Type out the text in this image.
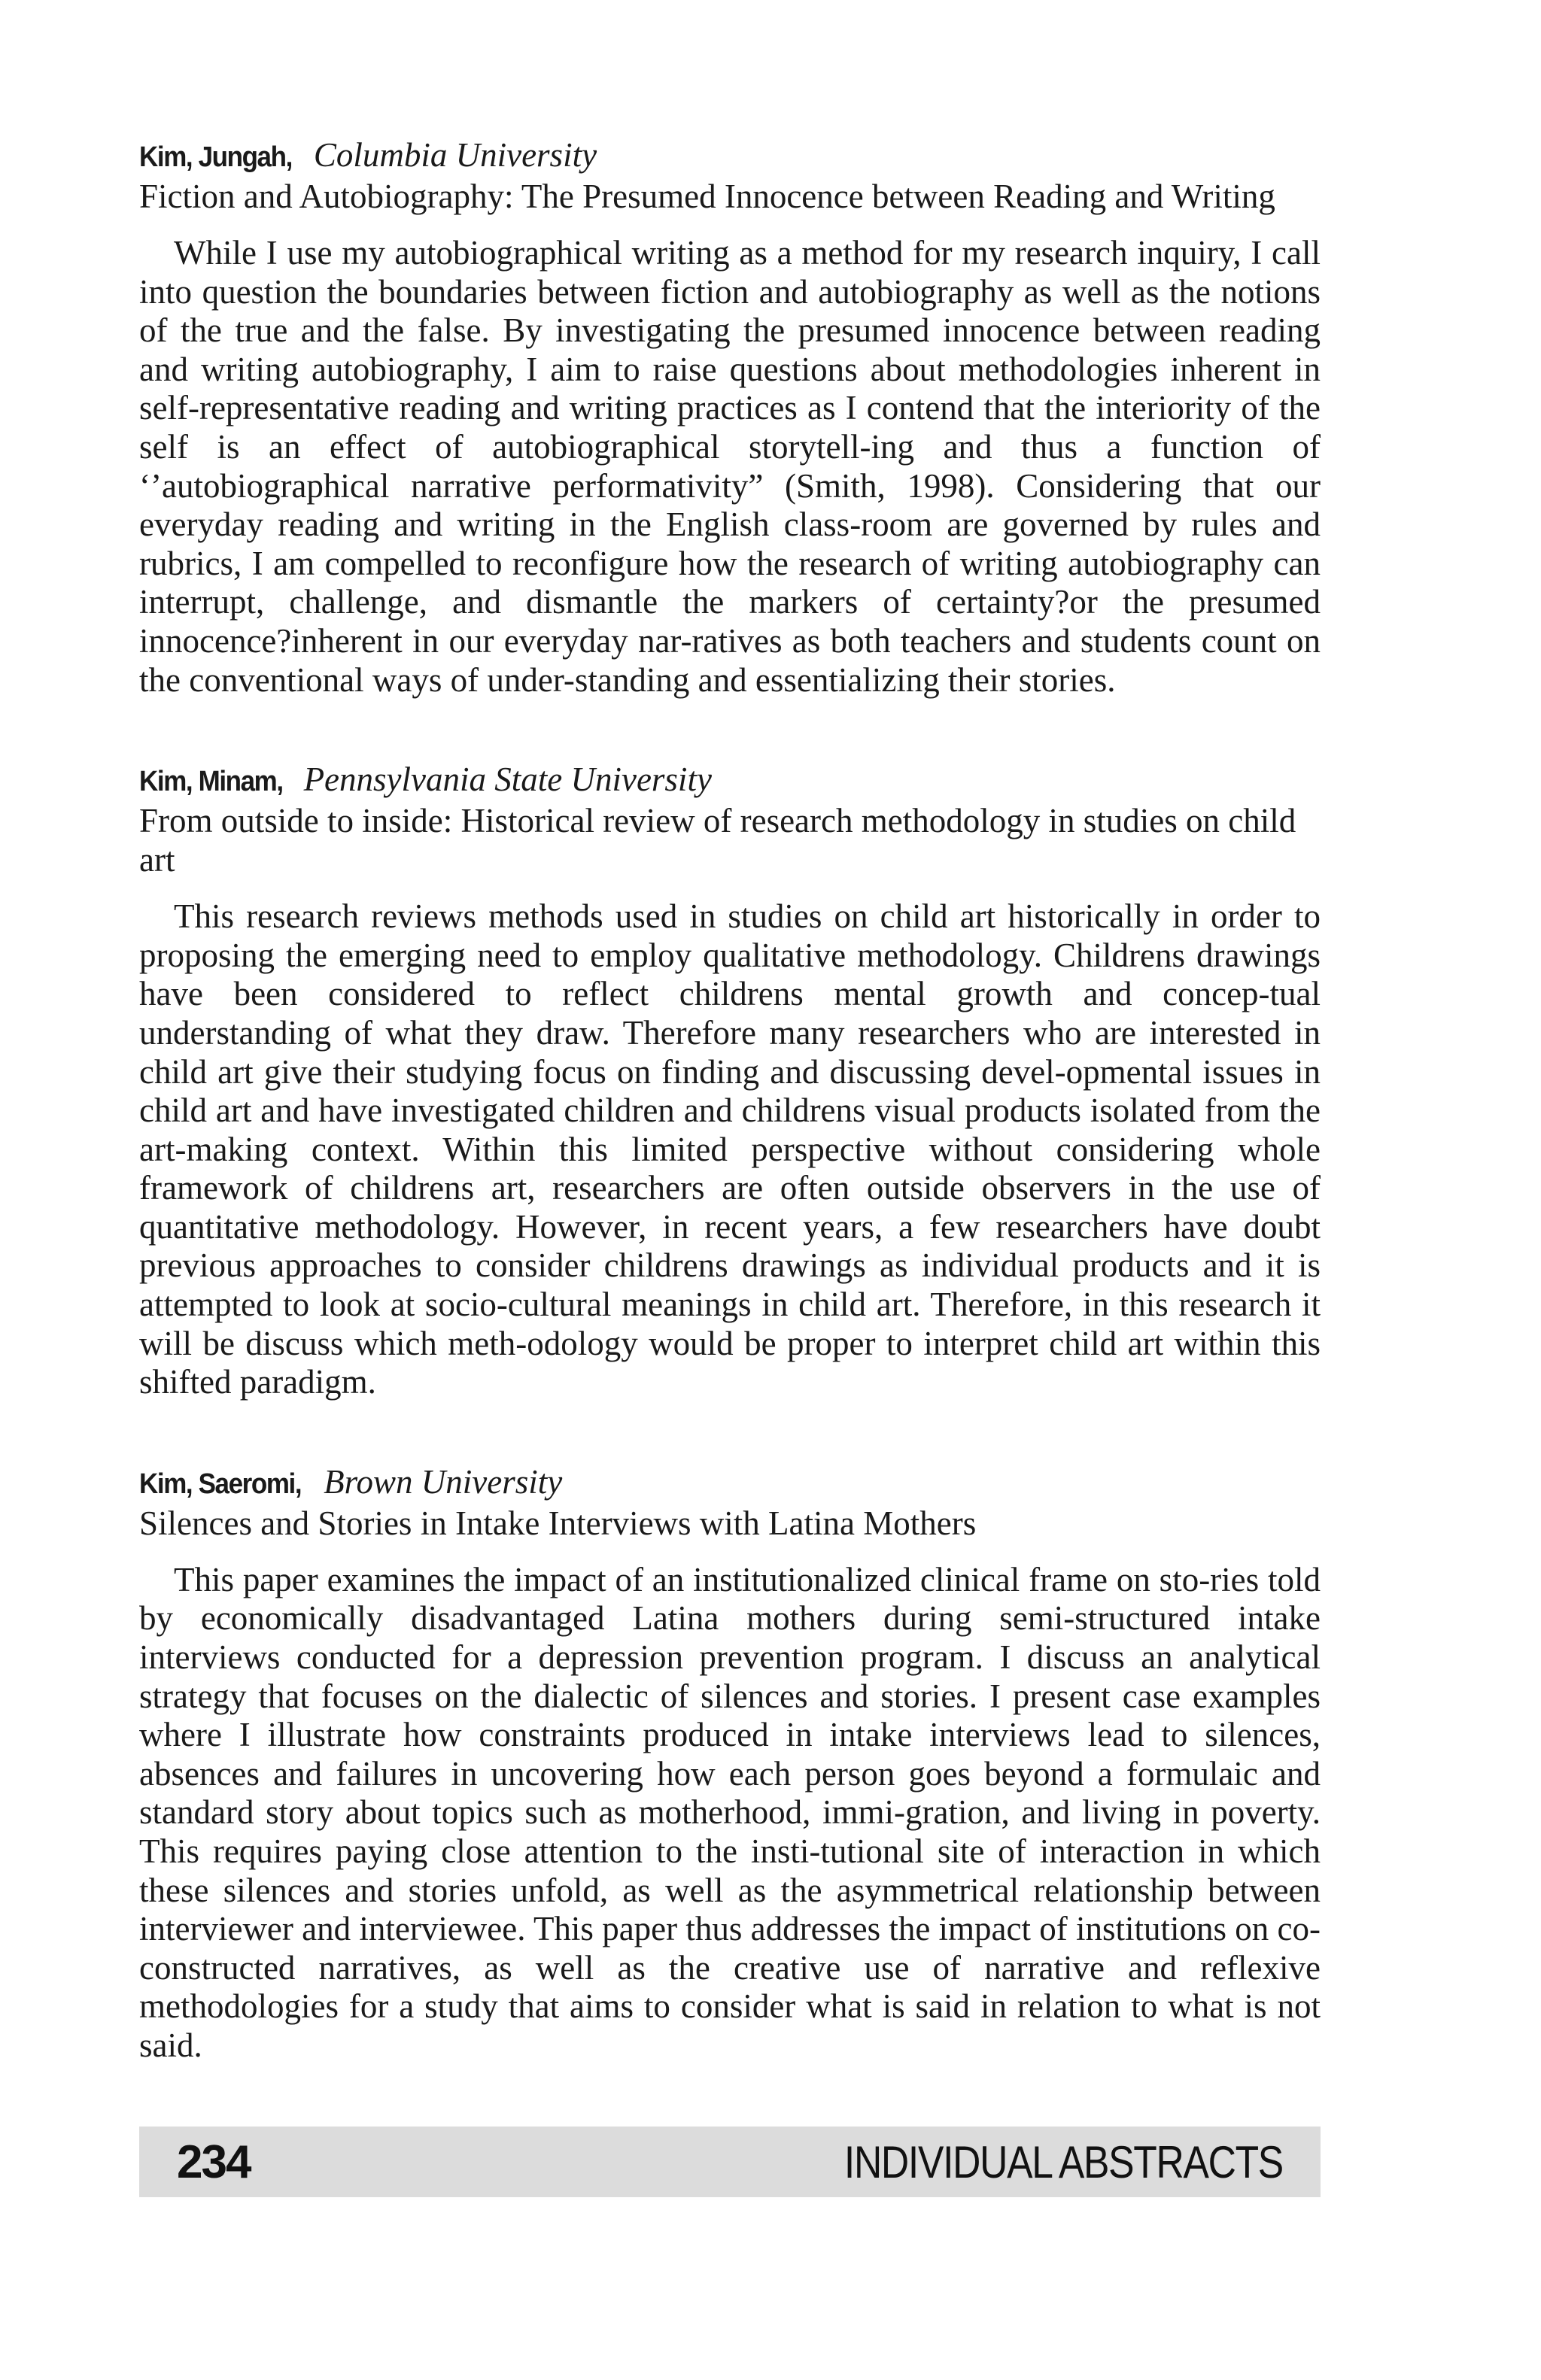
Kim, Jungah, Columbia University
Fiction and Autobiography: The Presumed Innocence between Reading and Writing
While I use my autobiographical writing as a method for my research inquiry, I call into question the boundaries between fiction and autobiography as well as the notions of the true and the false. By investigating the presumed innocence between reading and writing autobiography, I aim to raise questions about methodologies inherent in self-representative reading and writing practices as I contend that the interiority of the self is an effect of autobiographical storytell-ing and thus a function of ‘’autobiographical narrative performativity” (Smith, 1998). Considering that our everyday reading and writing in the English class-room are governed by rules and rubrics, I am compelled to reconfigure how the research of writing autobiography can interrupt, challenge, and dismantle the markers of certainty?or the presumed innocence?inherent in our everyday nar-ratives as both teachers and students count on the conventional ways of under-standing and essentializing their stories.
Kim, Minam, Pennsylvania State University
From outside to inside: Historical review of research methodology in studies on child art
This research reviews methods used in studies on child art historically in order to proposing the emerging need to employ qualitative methodology. Childrens drawings have been considered to reflect childrens mental growth and concep-tual understanding of what they draw. Therefore many researchers who are interested in child art give their studying focus on finding and discussing devel-opmental issues in child art and have investigated children and childrens visual products isolated from the art-making context. Within this limited perspective without considering whole framework of childrens art, researchers are often outside observers in the use of quantitative methodology. However, in recent years, a few researchers have doubt previous approaches to consider childrens drawings as individual products and it is attempted to look at socio-cultural meanings in child art. Therefore, in this research it will be discuss which meth-odology would be proper to interpret child art within this shifted paradigm.
Kim, Saeromi, Brown University
Silences and Stories in Intake Interviews with Latina Mothers
This paper examines the impact of an institutionalized clinical frame on sto-ries told by economically disadvantaged Latina mothers during semi-structured intake interviews conducted for a depression prevention program. I discuss an analytical strategy that focuses on the dialectic of silences and stories. I present case examples where I illustrate how constraints produced in intake interviews lead to silences, absences and failures in uncovering how each person goes beyond a formulaic and standard story about topics such as motherhood, immi-gration, and living in poverty. This requires paying close attention to the insti-tutional site of interaction in which these silences and stories unfold, as well as the asymmetrical relationship between interviewer and interviewee. This paper thus addresses the impact of institutions on co-constructed narratives, as well as the creative use of narrative and reflexive methodologies for a study that aims to consider what is said in relation to what is not said.
234	INDIVIDUAL ABSTRACTS
